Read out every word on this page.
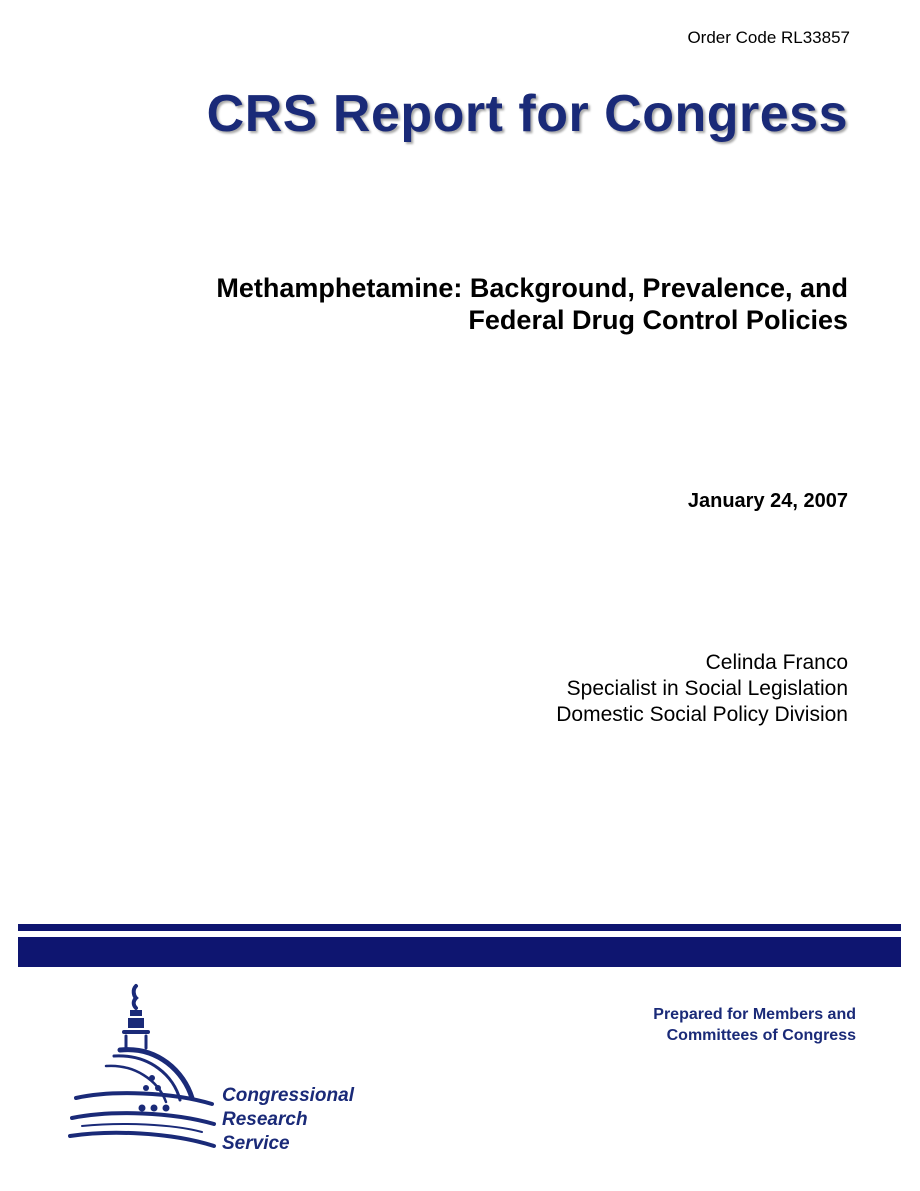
Order Code RL33857
CRS Report for Congress
Methamphetamine: Background, Prevalence, and
Federal Drug Control Policies
January 24, 2007
Celinda Franco
Specialist in Social Legislation
Domestic Social Policy Division
Prepared for Members and
Committees of Congress
Congressional
Research
Service
